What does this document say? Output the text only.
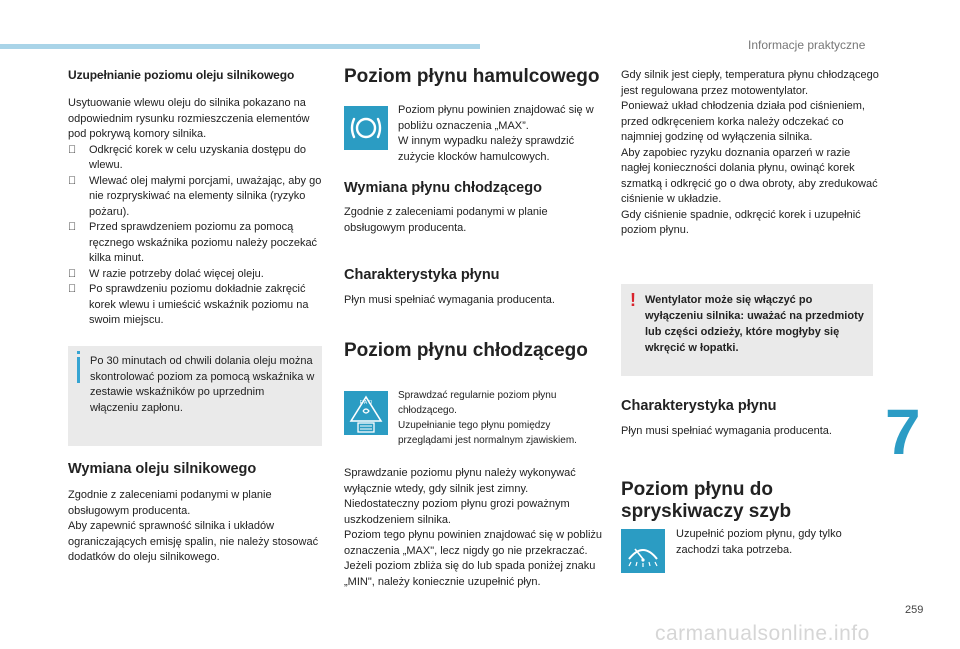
Informacje praktyczne
Uzupełnianie poziomu oleju silnikowego

Usytuowanie wlewu oleju do silnika pokazano na odpowiednim rysunku rozmieszczenia elementów pod pokrywą komory silnika.

Odkręcić korek w celu uzyskania dostępu do wlewu.
Wlewać olej małymi porcjami, uważając, aby go nie rozpryskiwać na elementy silnika (ryzyko pożaru).
Przed sprawdzeniem poziomu za pomocą ręcznego wskaźnika poziomu należy poczekać kilka minut.
W razie potrzeby dolać więcej oleju.
Po sprawdzeniu poziomu dokładnie zakręcić korek wlewu i umieścić wskaźnik poziomu na swoim miejscu.

Po 30 minutach od chwili dolania oleju można skontrolować poziom za pomocą wskaźnika w zestawie wskaźników po uprzednim włączeniu zapłonu.

Wymiana oleju silnikowego

Zgodnie z zaleceniami podanymi w planie obsługowym producenta.
Aby zapewnić sprawność silnika i układów ograniczających emisję spalin, nie należy stosować dodatków do oleju silnikowego.

Poziom płynu hamulcowego

Poziom płynu powinien znajdować się w pobliżu oznaczenia „MAX”.
W innym wypadku należy sprawdzić zużycie klocków hamulcowych.

Wymiana płynu chłodzącego

Zgodnie z zaleceniami podanymi w planie obsługowym producenta.

Charakterystyka płynu

Płyn musi spełniać wymagania producenta.

Poziom płynu chłodzącego
F A O

Sprawdzać regularnie poziom płynu chłodzącego.
Uzupełnianie tego płynu pomiędzy przeglądami jest normalnym zjawiskiem.

Sprawdzanie poziomu płynu należy wykonywać wyłącznie wtedy, gdy silnik jest zimny.
Niedostateczny poziom płynu grozi poważnym uszkodzeniem silnika.
Poziom tego płynu powinien znajdować się w pobliżu oznaczenia „MAX", lecz nigdy go nie przekraczać.
Jeżeli poziom zbliża się do lub spada poniżej znaku „MIN", należy koniecznie uzupełnić płyn.

Gdy silnik jest ciepły, temperatura płynu chłodzącego jest regulowana przez motowentylator.
Ponieważ układ chłodzenia działa pod ciśnieniem, przed odkręceniem korka należy odczekać co najmniej godzinę od wyłączenia silnika.
Aby zapobiec ryzyku doznania oparzeń w razie nagłej konieczności dolania płynu, owinąć korek szmatką i odkręcić go o dwa obroty, aby zredukować ciśnienie w układzie.
Gdy ciśnienie spadnie, odkręcić korek i uzupełnić poziom płynu.

! Wentylator może się włączyć po wyłączeniu silnika: uważać na przedmioty lub części odzieży, które mogłyby się wkręcić w łopatki.

Charakterystyka płynu

Płyn musi spełniać wymagania producenta.

Poziom płynu do spryskiwaczy szyb

Uzupełnić poziom płynu, gdy tylko zachodzi taka potrzeba.

7
259
carmanualsonline.info
